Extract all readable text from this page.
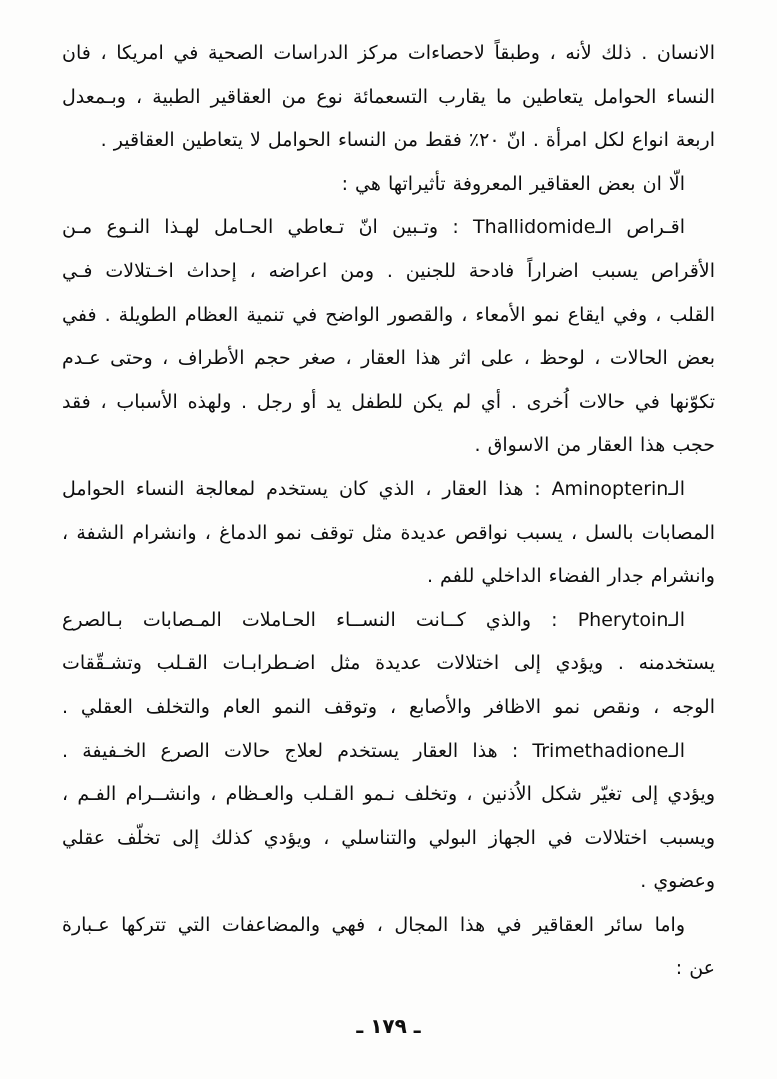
الانسان . ذلك لأنه ، وطبقاً لاحصاءات مركز الدراسات الصحية في امريكا ، فان
النساء الحوامل يتعاطين ما يقارب التسعمائة نوع من العقاقير الطبية ، وبـمعدل
اربعة انواع لكل امرأة . انّ ٢٠٪ فقط من النساء الحوامل لا يتعاطين العقاقير .
الّا ان بعض العقاقير المعروفة تأثيراتها هي :
اقـراص الـThallidomide : وتـبين انّ تـعاطي الحـامل لهـذا النـوع مـن
الأقراص يسبب اضراراً فادحة للجنين . ومن اعراضه ، إحداث اخـتلالات فـي
القلب ، وفي ايقاع نمو الأمعاء ، والقصور الواضح في تنمية العظام الطويلة . ففي
بعض الحالات ، لوحظ ، على اثر هذا العقار ، صغر حجم الأطراف ، وحتى عـدم
تكوّنها في حالات اُخرى . أي لم يكن للطفل يد أو رجل . ولهذه الأسباب ، فقد
حجب هذا العقار من الاسواق .
الـAminopterin : هذا العقار ، الذي كان يستخدم لمعالجة النساء الحوامل
المصابات بالسل ، يسبب نواقص عديدة مثل توقف نمو الدماغ ، وانشرام الشفة ،
وانشرام جدار الفضاء الداخلي للفم .
الـPherytoin : والذي كــانت النســاء الحـاملات المـصابات بـالصرع
يستخدمنه . ويؤدي إلى اختلالات عديدة مثل اضـطرابـات القـلب وتشـقّقات
الوجه ، ونقص نمو الاظافر والأصابع ، وتوقف النمو العام والتخلف العقلي .
الـTrimethadione : هذا العقار يستخدم لعلاج حالات الصرع الخـفيفة .
ويؤدي إلى تغيّر شكل الاُذنين ، وتخلف نـمو القـلب والعـظام ، وانشــرام الفـم ،
ويسبب اختلالات في الجهاز البولي والتناسلي ، ويؤدي كذلك إلى تخلّف عقلي
وعضوي .
واما سائر العقاقير في هذا المجال ، فهي والمضاعفات التي تتركها عـبارة
عن :
ـ ١٧٩ ـ
